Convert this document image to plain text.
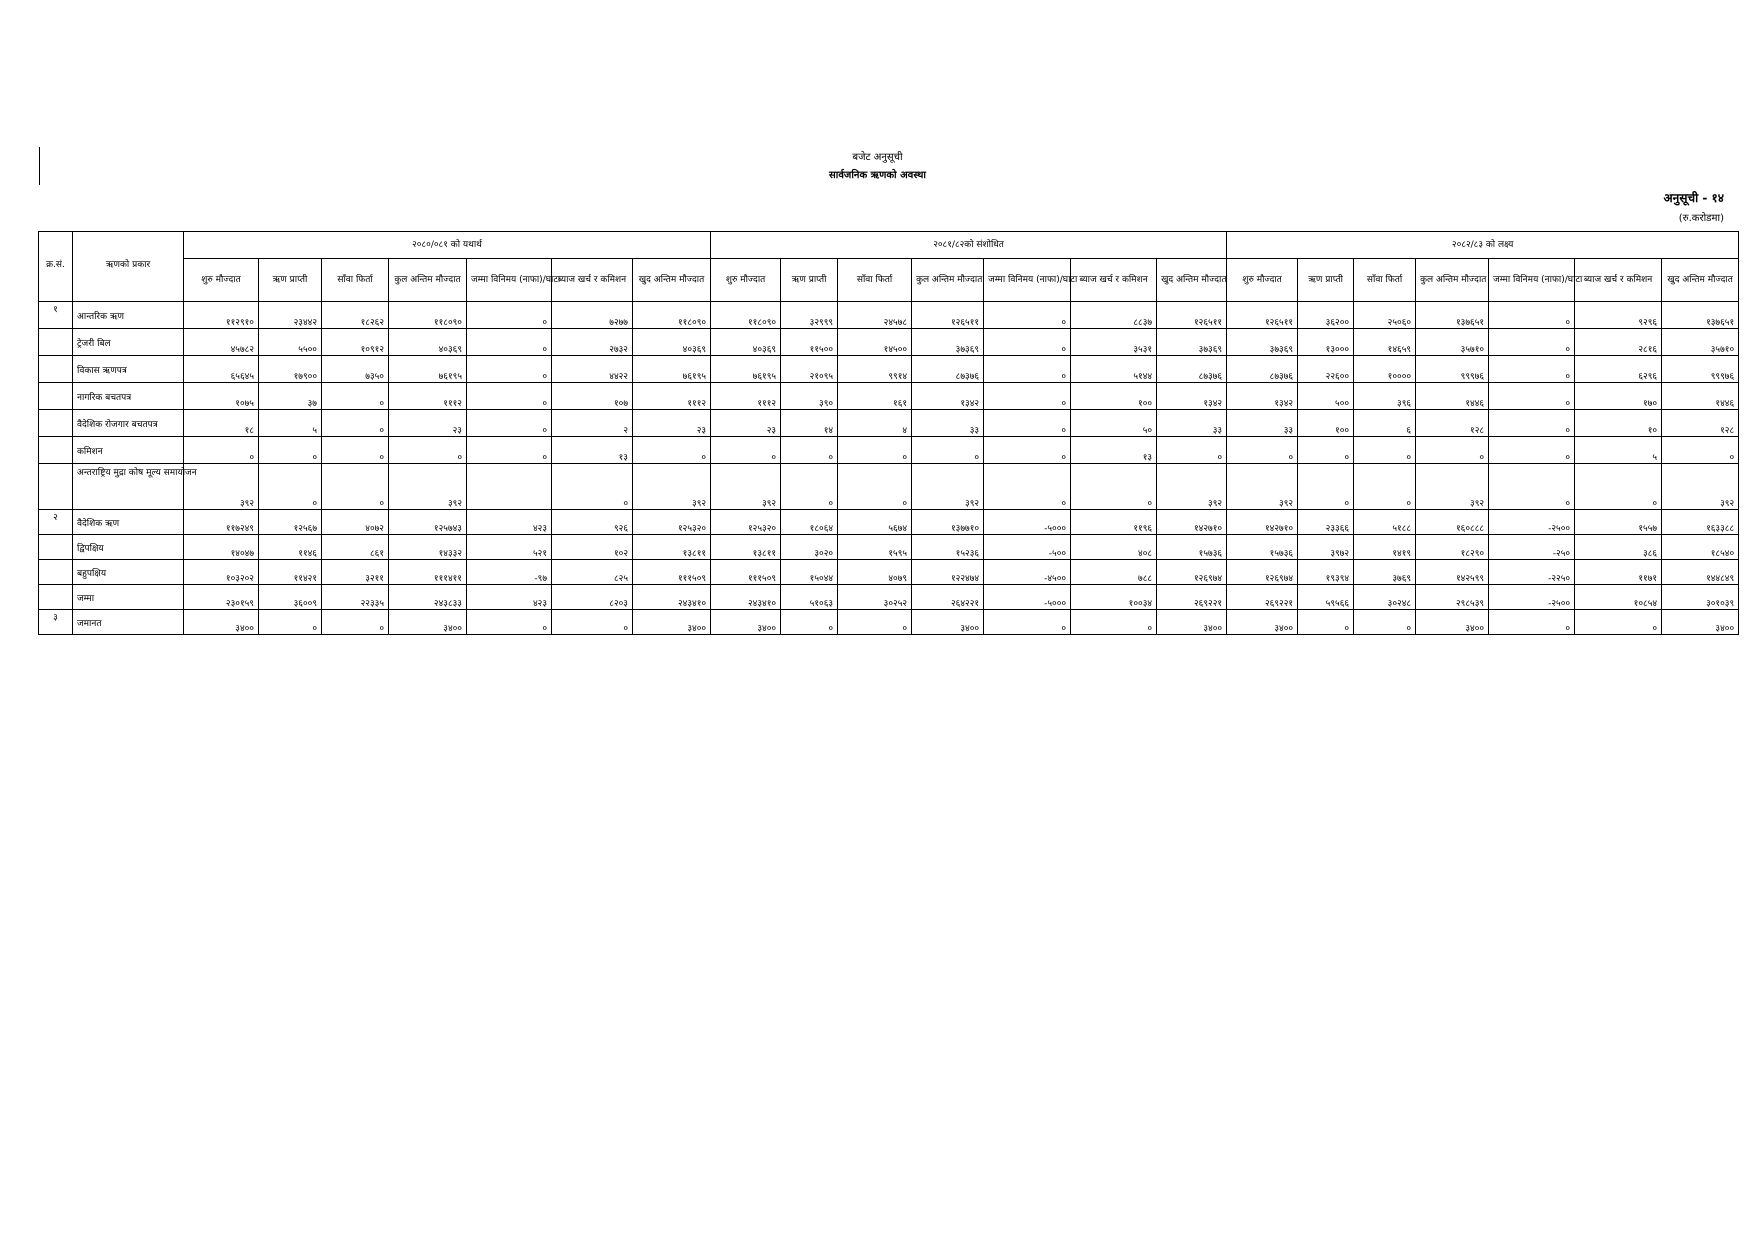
बजेट अनुसूची
सार्वजनिक ऋणको अवस्था
अनुसूची - १४
(रु.करोडमा)
क्र.सं.	ऋणको प्रकार	२०८०/०८१ को यथार्थ							२०८१/८२को संशोधित							२०८२/८३ को लक्ष्य						
		शुरु मौज्दात	ऋण प्राप्ती	साँवा फिर्ता	कुल अन्तिम मौज्दात	जम्मा विनिमय (नाफा)/घाटा	ब्याज खर्च र कमिशन	खुद अन्तिम मौज्दात	शुरु मौज्दात	ऋण प्राप्ती	साँवा फिर्ता	कुल अन्तिम मौज्दात	जम्मा विनिमय (नाफा)/घाटा	ब्याज खर्च र कमिशन	खुद अन्तिम मौज्दात	शुरु मौज्दात	ऋण प्राप्ती	साँवा फिर्ता	कुल अन्तिम मौज्दात	जम्मा विनिमय (नाफा)/घाटा	ब्याज खर्च र कमिशन	खुद अन्तिम मौज्दात
१	आन्तरिक ऋण	११२९१०	२३४४२	१८२६२	११८०९०	०	७२७७	११८०९०	११८०९०	३२९९९	२४५७८	१२६५११	०	८८३७	१२६५११	१२६५११	३६२००	२५०६०	१३७६५१	०	९२९६	१३७६५१
	ट्रेजरी बिल	४५७८२	५५००	१०९१२	४०३६९	०	२७३२	४०३६९	४०३६९	११५००	१४५००	३७३६९	०	३५३१	३७३६९	३७३६९	१३०००	१४६५९	३५७१०	०	२८१६	३५७१०
	विकास ऋणपत्र	६५६४५	१७९००	७३५०	७६१९५	०	४४२२	७६१९५	७६१९५	२१०९५	९९१४	८७३७६	०	५१४४	८७३७६	८७३७६	२२६००	१००००	९९९७६	०	६२९६	९९९७६
	नागरिक बचतपत्र	१०७५	३७	०	१११२	०	१०७	१११२	१११२	३९०	१६१	१३४२	०	१००	१३४२	१३४२	५००	३९६	१४४६	०	१७०	१४४६
	वैदेशिक रोजगार बचतपत्र	१८	५	०	२३	०	२	२३	२३	१४	४	३३	०	५०	३३	३३	१००	६	१२८	०	१०	१२८
	कमिशन	०	०	०	०	०	१३	०	०	०	०	०	०	१३	०	०	०	०	०	०	५	०
	अन्तराष्ट्रिय मुद्रा कोष मूल्य समायोजन	३९२	०	०	३९२		०	३९२	३९२	०	०	३९२	०	०	३९२	३९२	०	०	३९२	०	०	३९२
२	वैदेशिक ऋण	११७२४९	१२५६७	४०७२	१२५७४३	४२३	९२६	१२५३२०	१२५३२०	१८०६४	५६७४	१३७७१०	-५०००	११९६	१४२७१०	१४२७१०	२३३६६	५१८८	१६०८८८	-२५००	१५५७	१६३३८८
	द्विपक्षिय	१४०४७	११४६	८६१	१४३३२	५२१	१०२	१३८११	१३८११	३०२०	१५९५	१५२३६	-५००	४०८	१५७३६	१५७३६	३९७२	१४१९	१८२९०	-२५०	३८६	१८५४०
	बहुपक्षिय	१०३२०२	११४२१	३२११	१११४११	-९७	८२५	१११५०९	१११५०९	१५०४४	४०७९	१२२४७४	-४५००	७८८	१२६९७४	१२६९७४	१९३९४	३७६९	१४२५९९	-२२५०	११७१	१४४८४९
	जम्मा	२३०१५९	३६००९	२२३३५	२४३८३३	४२३	८२०३	२४३४१०	२४३४१०	५१०६३	३०२५२	२६४२२१	-५०००	१००३४	२६९२२१	२६९२२१	५९५६६	३०२४८	२९८५३९	-२५००	१०८५४	३०१०३९
३	जमानत	३४००	०	०	३४००	०	०	३४००	३४००	०	०	३४००	०	०	३४००	३४००	०	०	३४००	०	०	३४००
